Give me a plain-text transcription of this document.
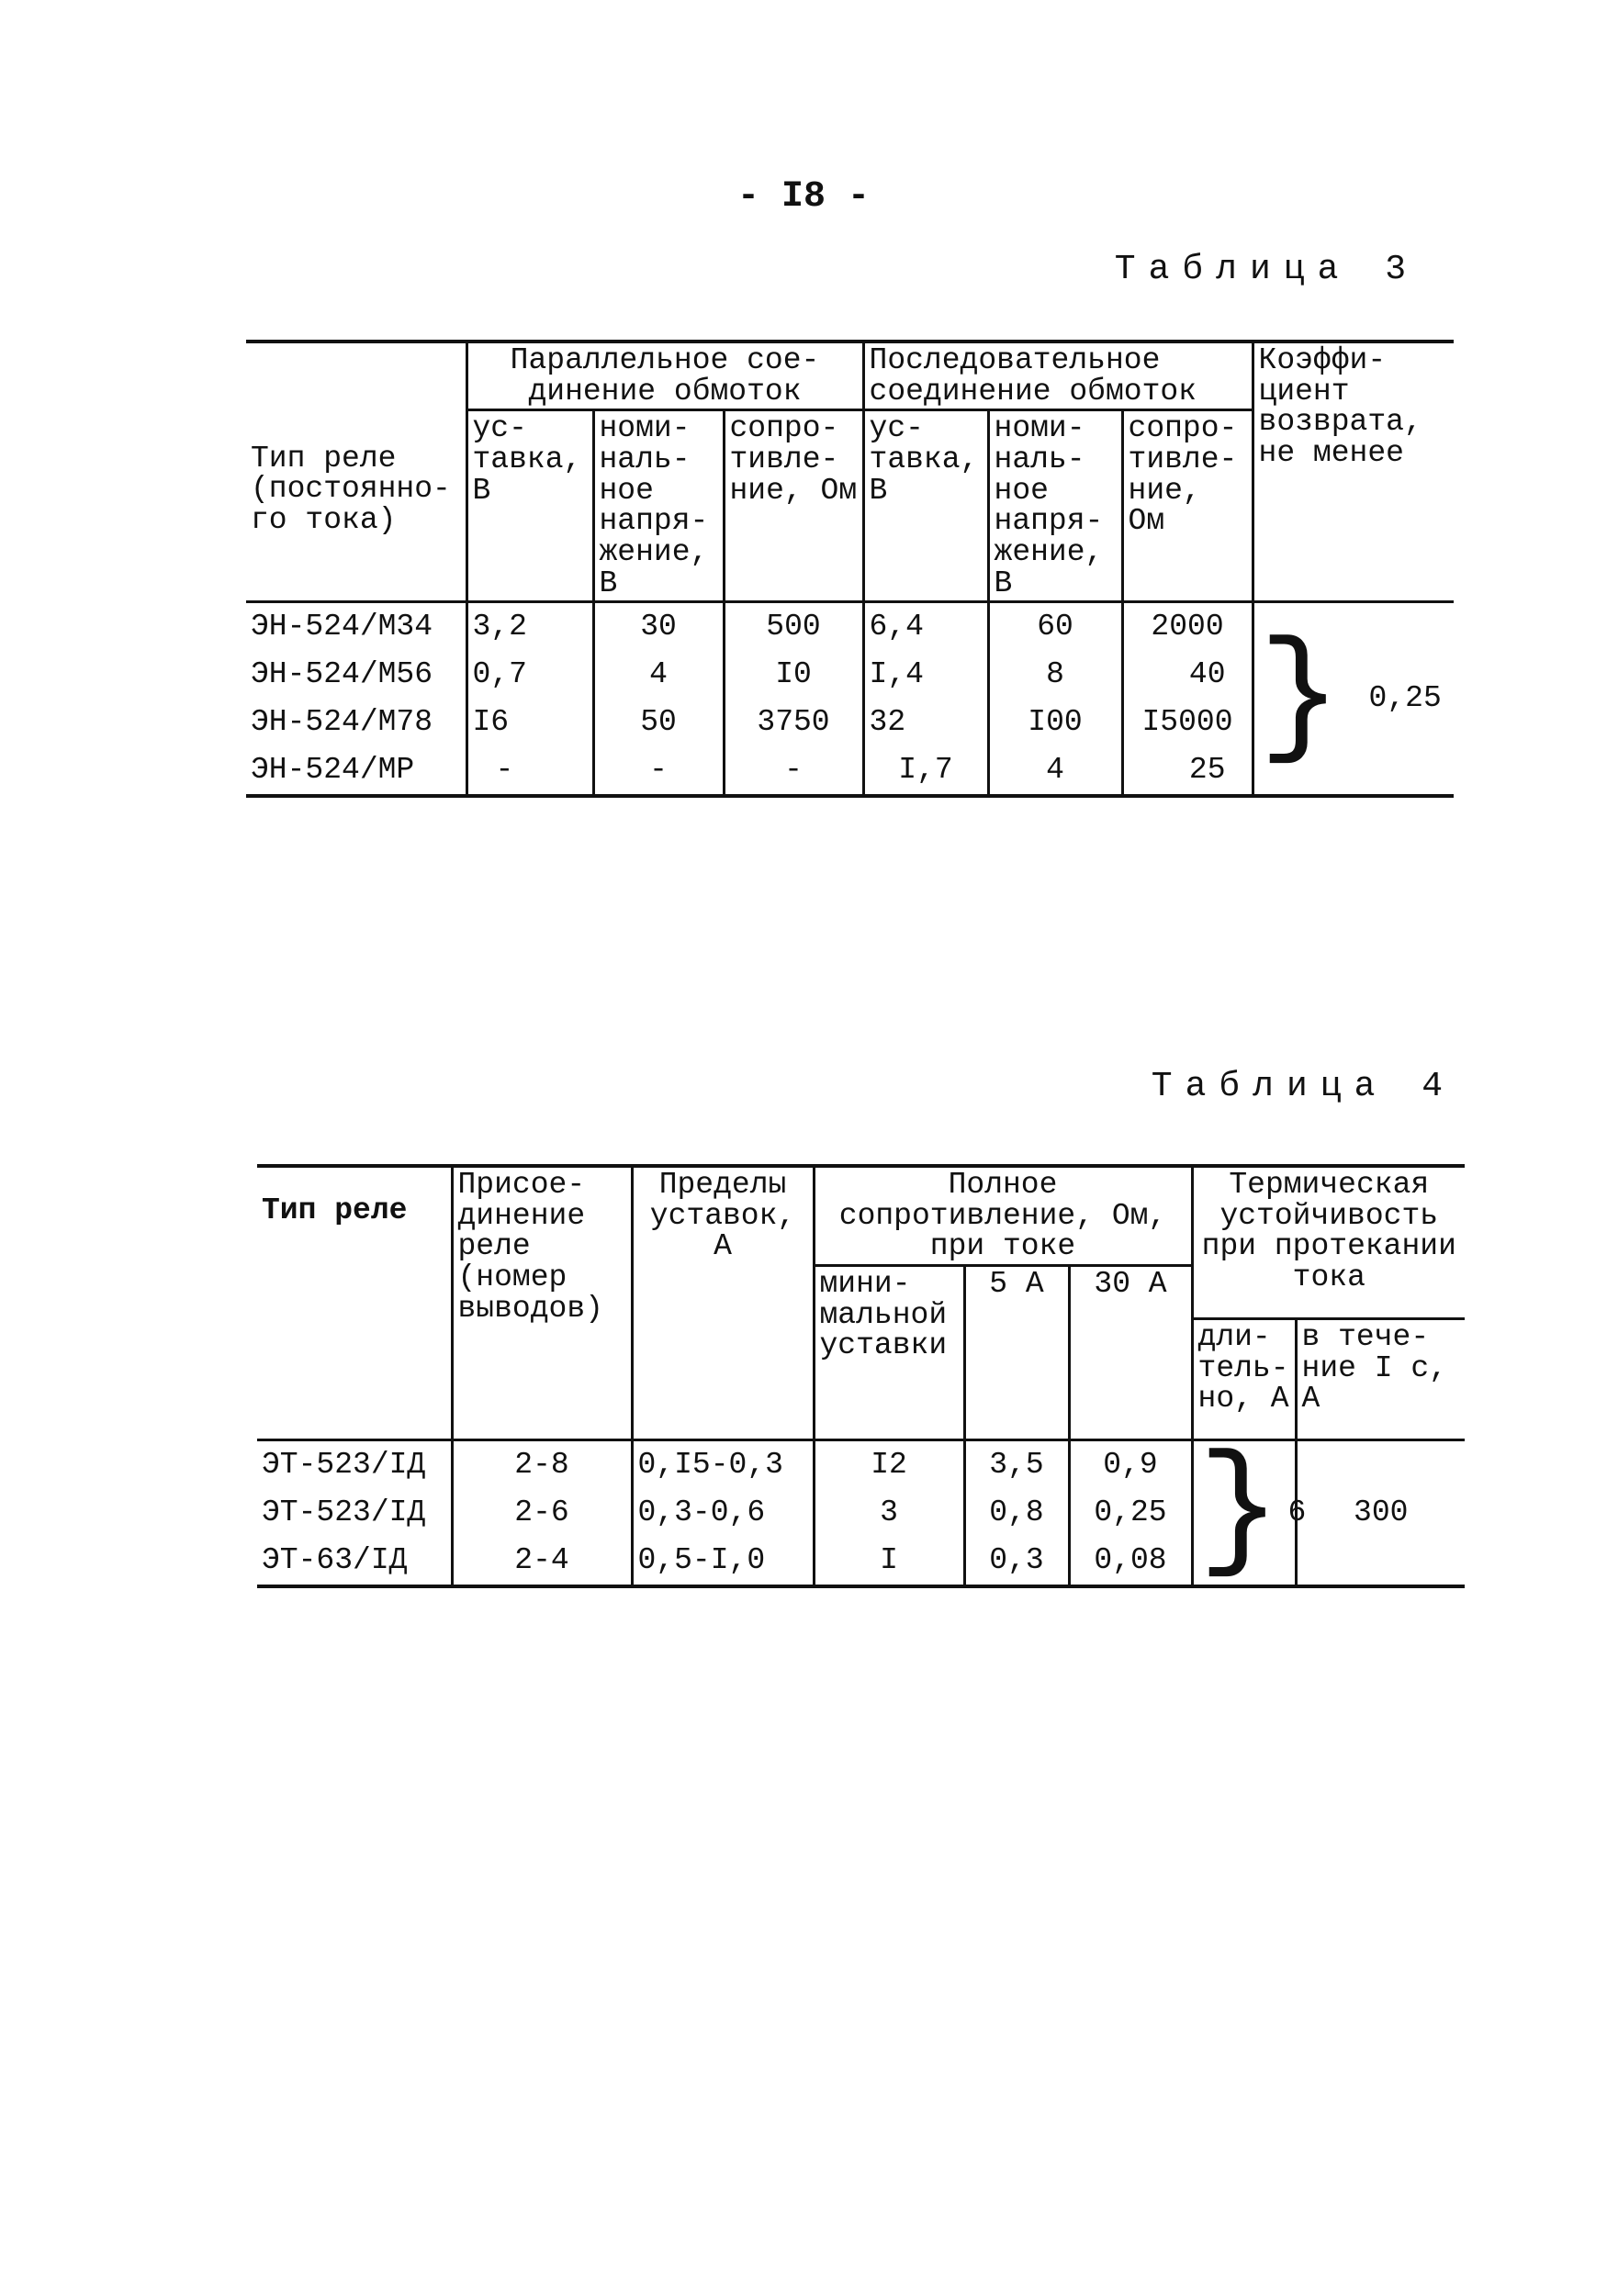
- I8 -
Таблица 3
Тип реле (постоянно-го тока)	Параллельное сое-динение обмоток			Последовательное соединение обмоток			Коэффи-циент возврата, не менее
	ус-тавка, В	номи-наль-ное напря-жение, В	сопро-тивле-ние, Ом	ус-тавка, В	номи-наль-ное напря-жение, В	сопро-тивле-ние, Ом	
ЭН-524/М34	3,2	30	500	6,4	60	2000	} 0,25

ЭН-524/М56	0,7	4	I0	I,4	8	40	
ЭН-524/М78	I6	50	3750	32	I00	I5000	
ЭН-524/МР	-	-	-	I,7	4	25	
Таблица 4
Тип реле	Присое-динение реле (номер выводов)	Пределы уставок, А	Полное сопротивление, Ом, при токе			Термическая устойчивость при протекании тока	
			мини-мальной уставки	5 А	30 А		
						дли-тель-но, А	в тече-ние I с, А
ЭТ-523/IД	2-8	0,I5-0,3	I2	3,5	0,9	} 6	300
ЭТ-523/IД	2-6	0,3-0,6	3	0,8	0,25		
ЭТ-63/IД	2-4	0,5-I,0	I	0,3	0,08		
